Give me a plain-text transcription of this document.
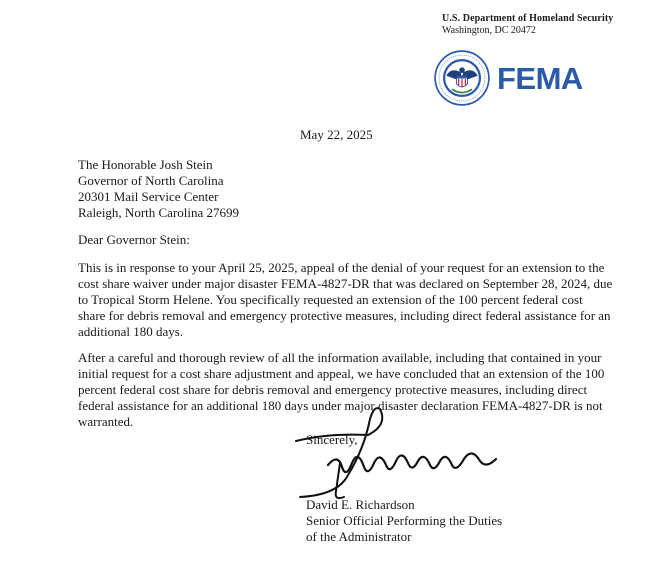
U.S. Department of Homeland Security
Washington, DC 20472
FEMA
May 22, 2025
The Honorable Josh Stein
Governor of North Carolina
20301 Mail Service Center
Raleigh, North Carolina 27699
Dear Governor Stein:

This is in response to your April 25, 2025, appeal of the denial of your request for an extension to the cost share waiver under major disaster FEMA-4827-DR that was declared on September 28, 2024, due to Tropical Storm Helene. You specifically requested an extension of the 100 percent federal cost share for debris removal and emergency protective measures, including direct federal assistance for an additional 180 days.

After a careful and thorough review of all the information available, including that contained in your initial request for a cost share adjustment and appeal, we have concluded that an extension of the 100 percent federal cost share for debris removal and emergency protective measures, including direct federal assistance for an additional 180 days under major disaster declaration FEMA-4827-DR is not warranted.

Sincerely,
David E. Richardson
Senior Official Performing the Duties
of the Administrator
